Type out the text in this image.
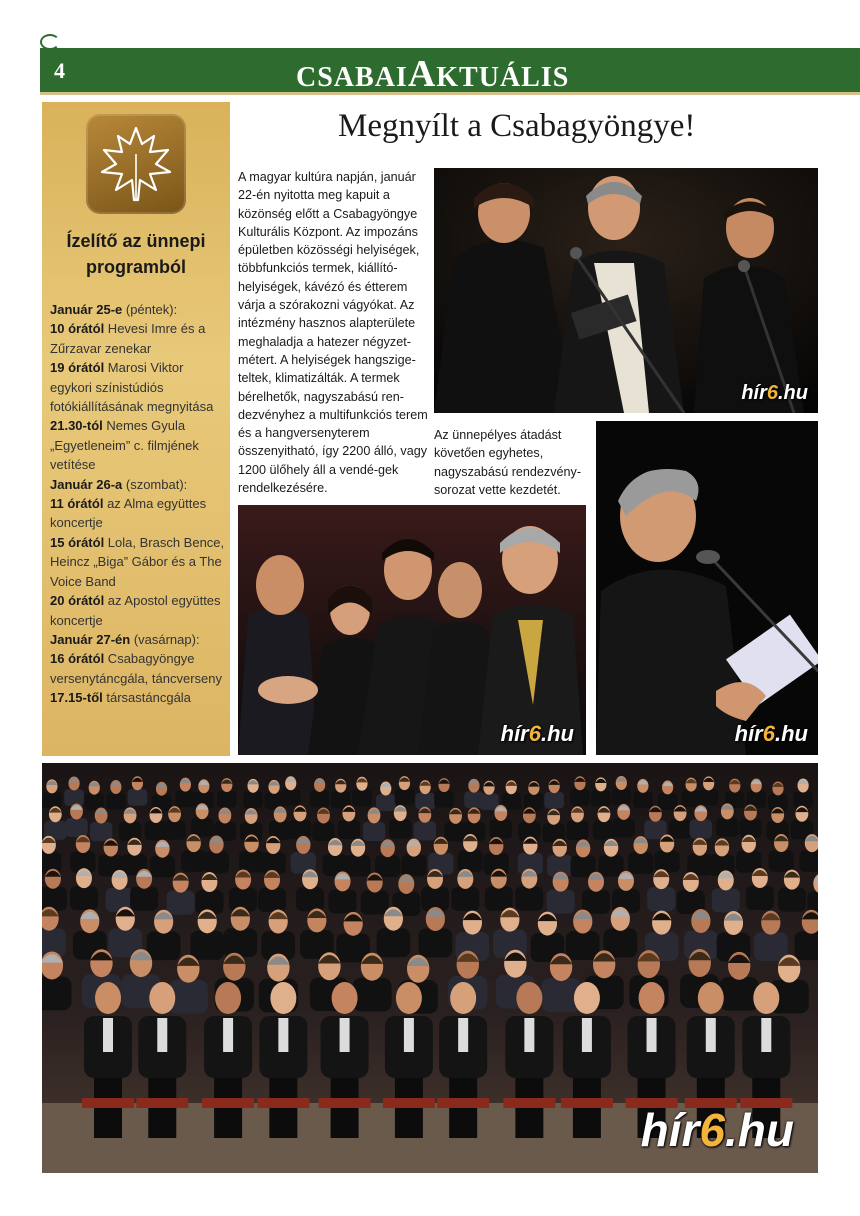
4	CSABAIAKTUÁLIS
Ízelítő az ünnepi
programból

Január 25-e (péntek):

10 órától Hevesi Imre és a Zűrzavar zenekar

19 órától Marosi Viktor egykori színistúdiós fotókiállításának megnyitása

21.30-tól Nemes Gyula „Egyetleneim” c. filmjének vetítése

Január 26-a (szombat):

11 órától az Alma együttes koncertje

15 órától Lola, Brasch Bence, Heincz „Biga” Gábor és a The Voice Band

20 órától az Apostol együttes koncertje

Január 27-én (vasárnap):

16 órától Csabagyöngye versenytáncgála, táncverseny

17.15-től társastáncgála

Megnyílt a Csabagyöngye!
A magyar kultúra napján, január 22-én nyitotta meg kapuit a közönség előtt a Csabagyöngye Kulturális Központ. Az impozáns épületben közösségi helyiségek, többfunkciós termek, kiállító-helyiségek, kávézó és étterem várja a szórakozni vágyókat. Az intézmény hasznos alapterülete meghaladja a hatezer négyzet-métert. A helyiségek hangszige-teltek, klimatizálták. A termek bérelhetők, nagyszabású ren-dezvényhez a multifunkciós terem és a hangversenyterem összenyitható, így 2200 álló, vagy 1200 ülőhely áll a vendé-gek rendelkezésére.
Az ünnepélyes átadást követően egyhetes, nagyszabású rendezvény-sorozat vette kezdetét.
hír6.hu
hír6.hu	hír6.hu
hír6.hu
